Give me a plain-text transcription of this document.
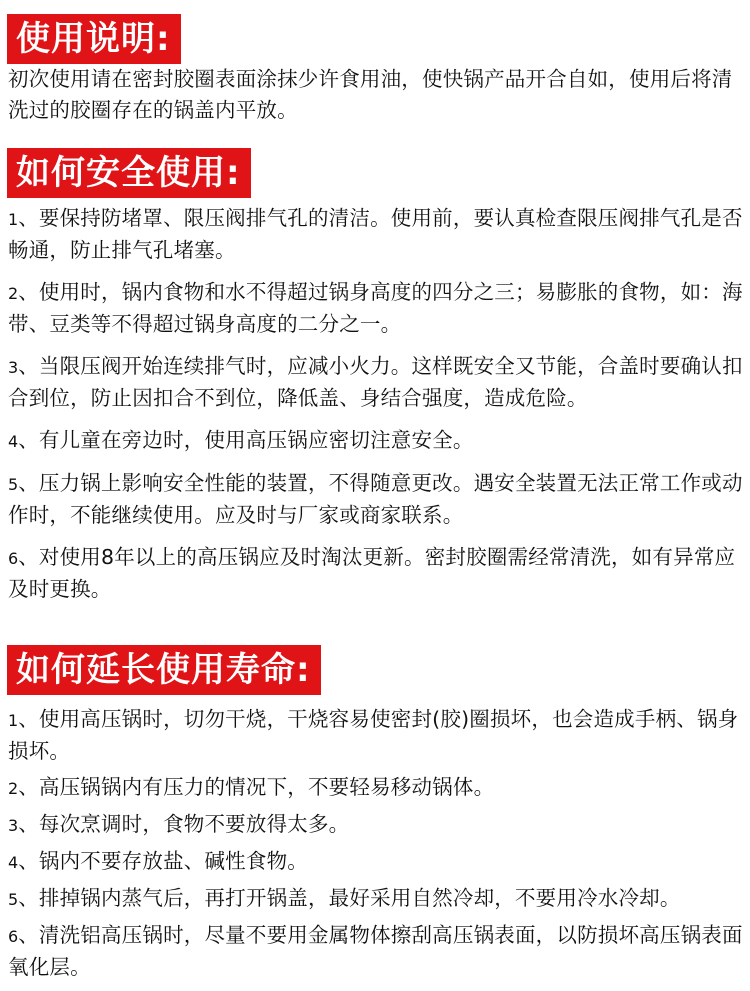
使用说明:

初次使用请在密封胶圈表面涂抹少许食用油，使快锅产品开合自如，使用后将清洗过的胶圈存在的锅盖内平放。

如何安全使用:

1、要保持防堵罩、限压阀排气孔的清洁。使用前，要认真检查限压阀排气孔是否畅通，防止排气孔堵塞。

2、使用时，锅内食物和水不得超过锅身高度的四分之三；易膨胀的食物，如：海带、豆类等不得超过锅身高度的二分之一。

3、当限压阀开始连续排气时，应减小火力。这样既安全又节能，合盖时要确认扣合到位，防止因扣合不到位，降低盖、身结合强度，造成危险。

4、有儿童在旁边时，使用高压锅应密切注意安全。

5、压力锅上影响安全性能的装置，不得随意更改。遇安全装置无法正常工作或动作时，不能继续使用。应及时与厂家或商家联系。

6、对使用8年以上的高压锅应及时淘汰更新。密封胶圈需经常清洗，如有异常应及时更换。

如何延长使用寿命:

1、使用高压锅时，切勿干烧，干烧容易使密封(胶)圈损坏，也会造成手柄、锅身损坏。

2、高压锅锅内有压力的情况下，不要轻易移动锅体。

3、每次烹调时，食物不要放得太多。

4、锅内不要存放盐、碱性食物。

5、排掉锅内蒸气后，再打开锅盖，最好采用自然冷却，不要用冷水冷却。

6、清洗铝高压锅时，尽量不要用金属物体擦刮高压锅表面，以防损坏高压锅表面氧化层。
